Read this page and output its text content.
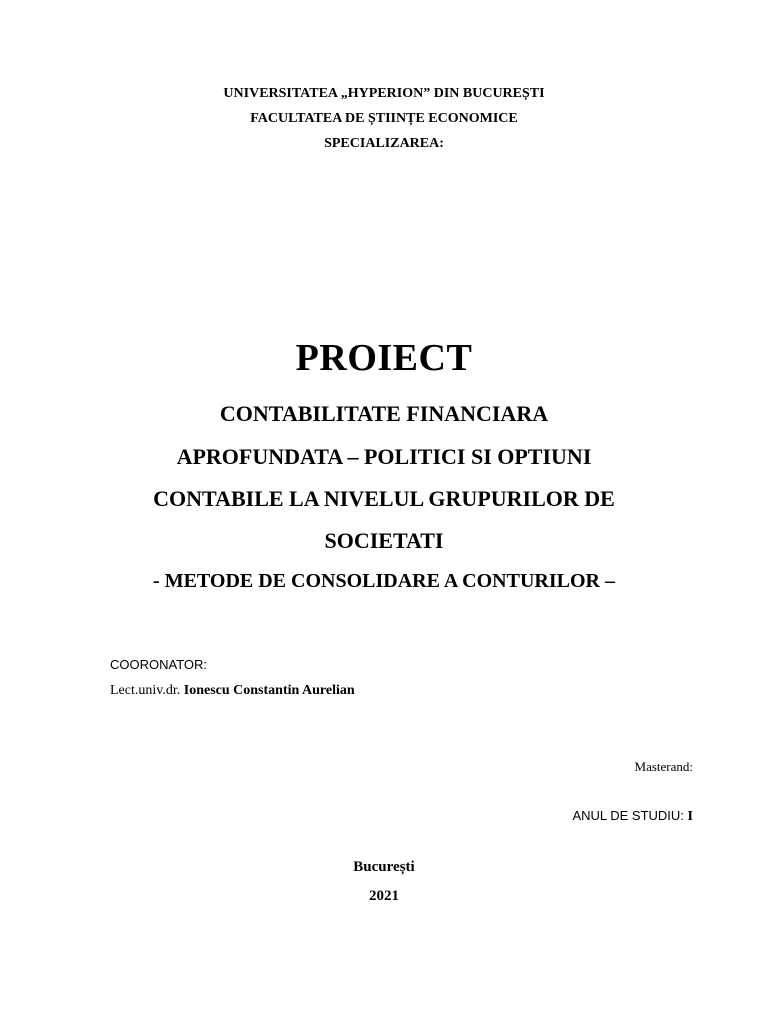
UNIVERSITATEA „HYPERION” DIN BUCUREȘTI
FACULTATEA DE ȘTIINȚE ECONOMICE
SPECIALIZAREA:
PROIECT
CONTABILITATE FINANCIARA
APROFUNDATA – POLITICI SI OPTIUNI
CONTABILE LA NIVELUL GRUPURILOR DE
SOCIETATI
- METODE DE CONSOLIDARE A CONTURILOR –
COORONATOR:
Lect.univ.dr. Ionescu Constantin Aurelian
Masterand:
ANUL DE STUDIU: I
București
2021
